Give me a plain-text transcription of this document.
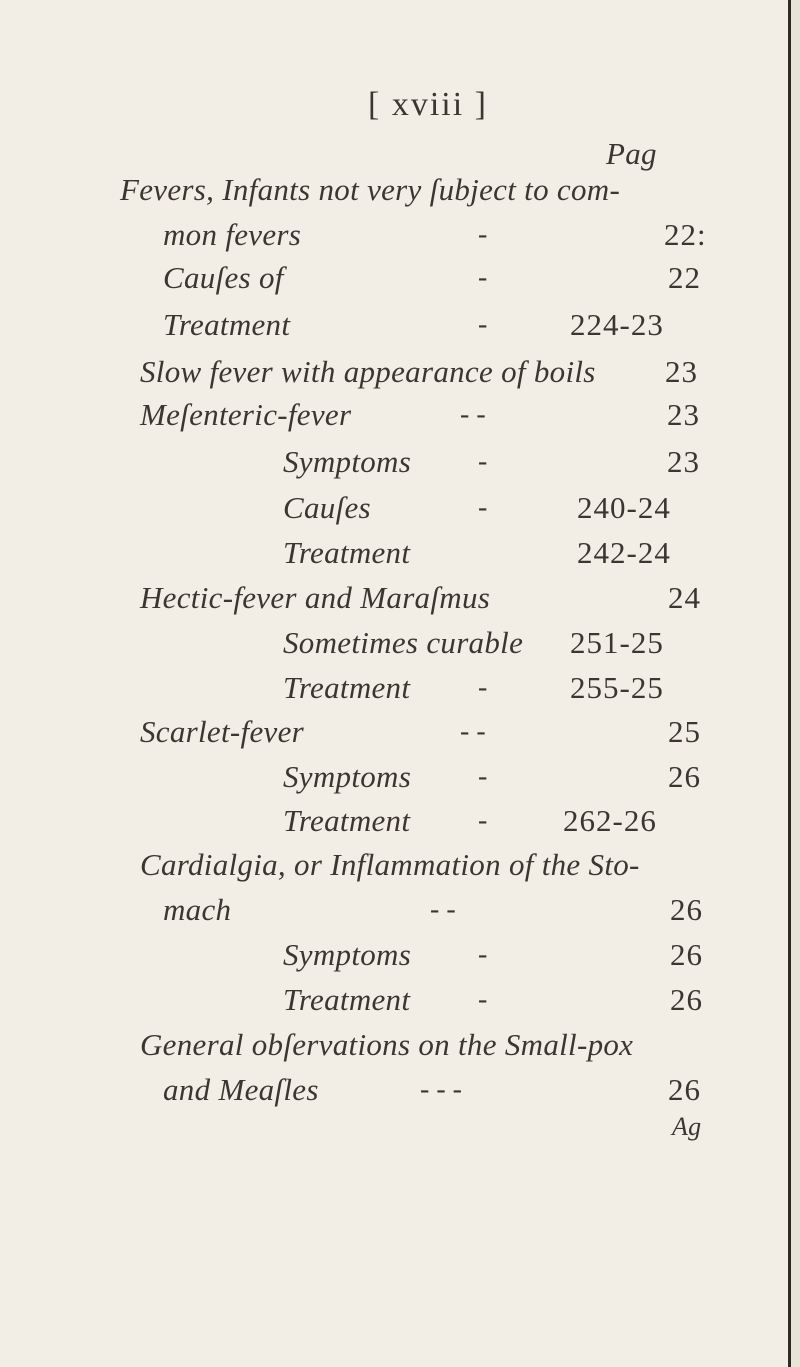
[ xviii ]
Pag
Fevers, Infants not very ſubject to com-
mon fevers	-	22:
Cauſes of	-	22
Treatment	-	224-23
Slow fever with appearance of boils 23
Meſenteric-fever	- -	23
Symptoms -	23
Cauſes	-	240-24
Treatment	242-24
Hectic-fever and Maraſmus	24
Sometimes curable 251-25
Treatment -	255-25
Scarlet-fever	- -	25
Symptoms -	26
Treatment - 262-26
Cardialgia, or Inflammation of the Sto-
mach	- -	26
Symptoms -	26
Treatment -	26
General obſervations on the Small-pox
and Meaſles	- - -	26
Ag
